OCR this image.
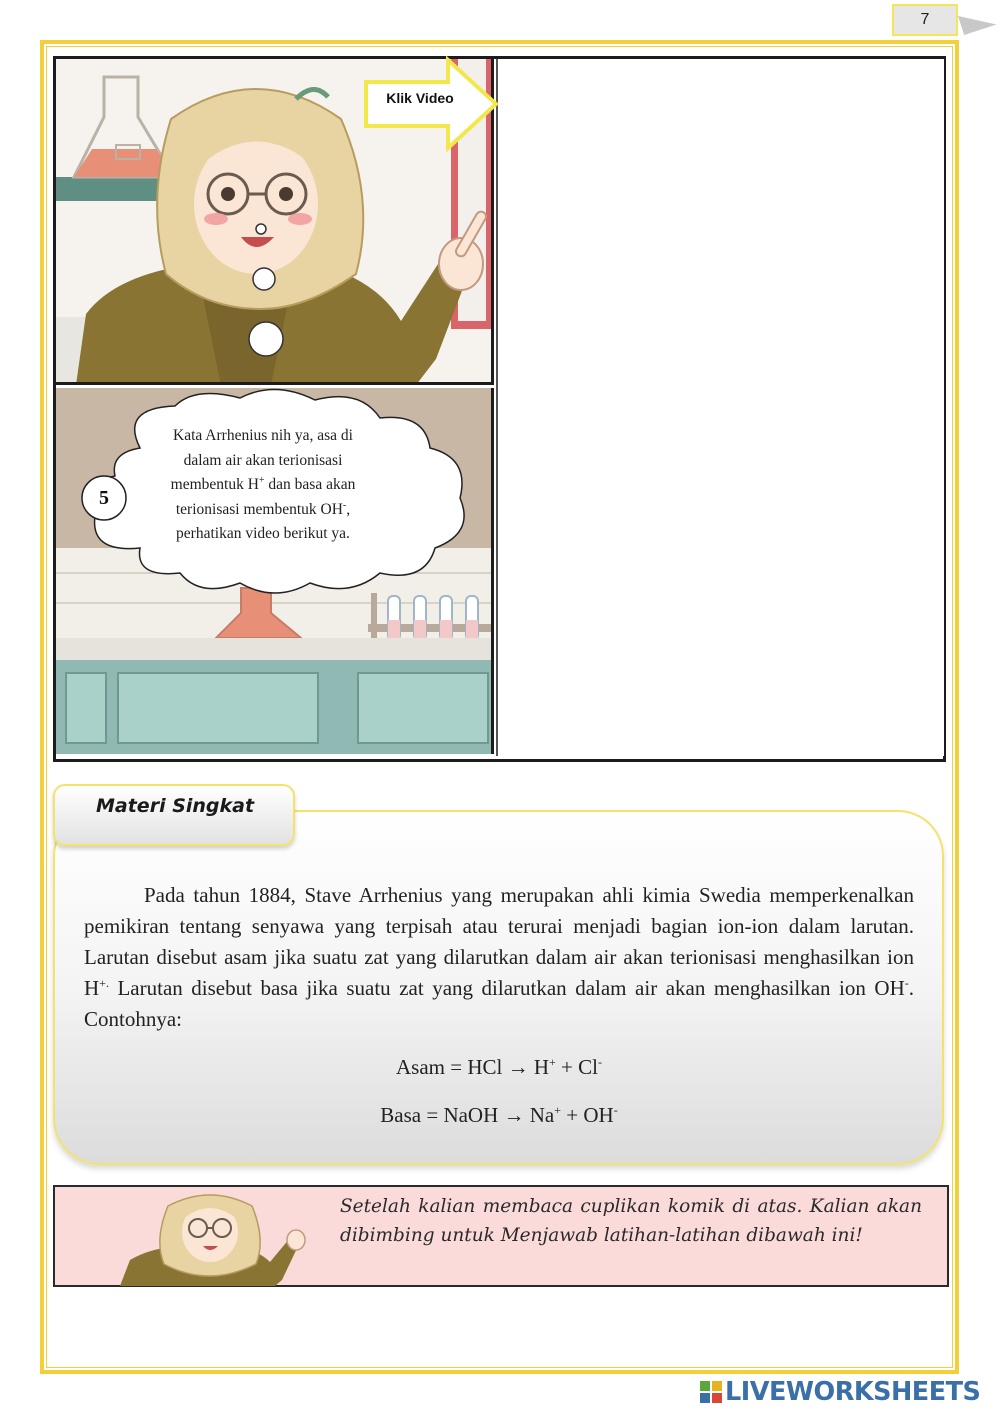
7
Klik Video
5
Kata Arrhenius nih ya, asa di
dalam air akan terionisasi
membentuk H+ dan basa akan
terionisasi membentuk OH-,
perhatikan video berikut ya.
Materi Singkat

Pada tahun 1884, Stave Arrhenius yang merupakan ahli kimia Swedia memperkenalkan pemikiran tentang senyawa yang terpisah atau terurai menjadi bagian ion-ion dalam larutan. Larutan disebut asam jika suatu zat yang dilarutkan dalam air akan terionisasi menghasilkan ion H+. Larutan disebut basa jika suatu zat yang dilarutkan dalam air akan menghasilkan ion OH-. Contohnya:

Asam = HCl → H+ + Cl-
Basa = NaOH → Na+ + OH-

Setelah kalian membaca cuplikan komik di atas. Kalian akan dibimbing untuk Menjawab latihan-latihan dibawah ini!

LIVEWORKSHEETS
